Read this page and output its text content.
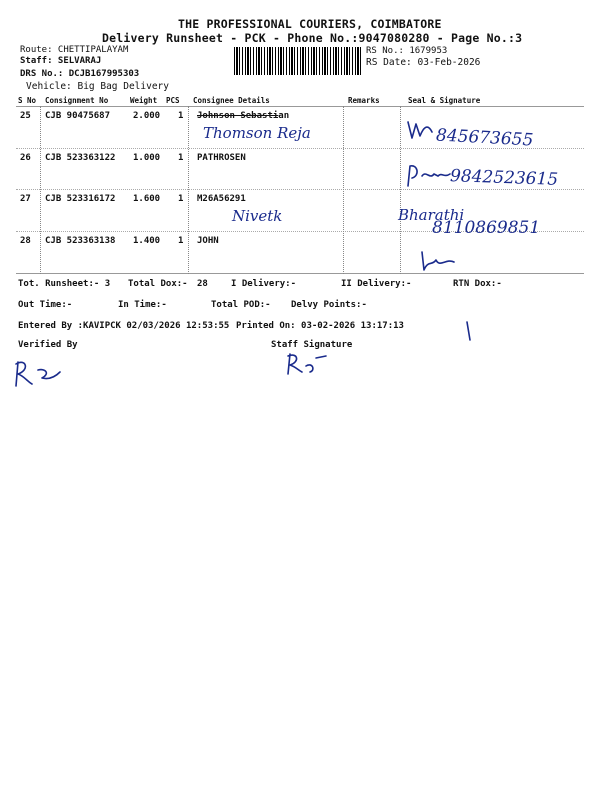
THE PROFESSIONAL COURIERS, COIMBATORE
Delivery Runsheet - PCK - Phone No.:9047080280 - Page No.:3
Route: CHETTIPALAYAM
Staff: SELVARAJ
DRS No.: DCJB167995303
Vehicle: Big Bag Delivery
RS No.: 1679953
RS Date: 03-Feb-2026
S No Consignment No	Weight PCS Consignee Details	Remarks	Seal & Signature
25 CJB 90475687	2.000 1 Johnson Sebastian
Thomson Reja	845673655
26 CJB 523363122 1.000 1 PATHROSEN
9842523615
27 CJB 523316172 1.600 1 M26A56291
Nivetk	Bharathi
8110869851
28 CJB 523363138 1.400 1 JOHN
Tot. Runsheet:- 3 Total Dox:- 28	I Delivery:-	II Delivery:-	RTN Dox:-
Out Time:-	In Time:-	Total POD:- Delvy Points:-
Entered By :KAVIPCK 02/03/2026 12:53:55 Printed On: 03-02-2026 13:17:13
Verified By	Staff Signature
